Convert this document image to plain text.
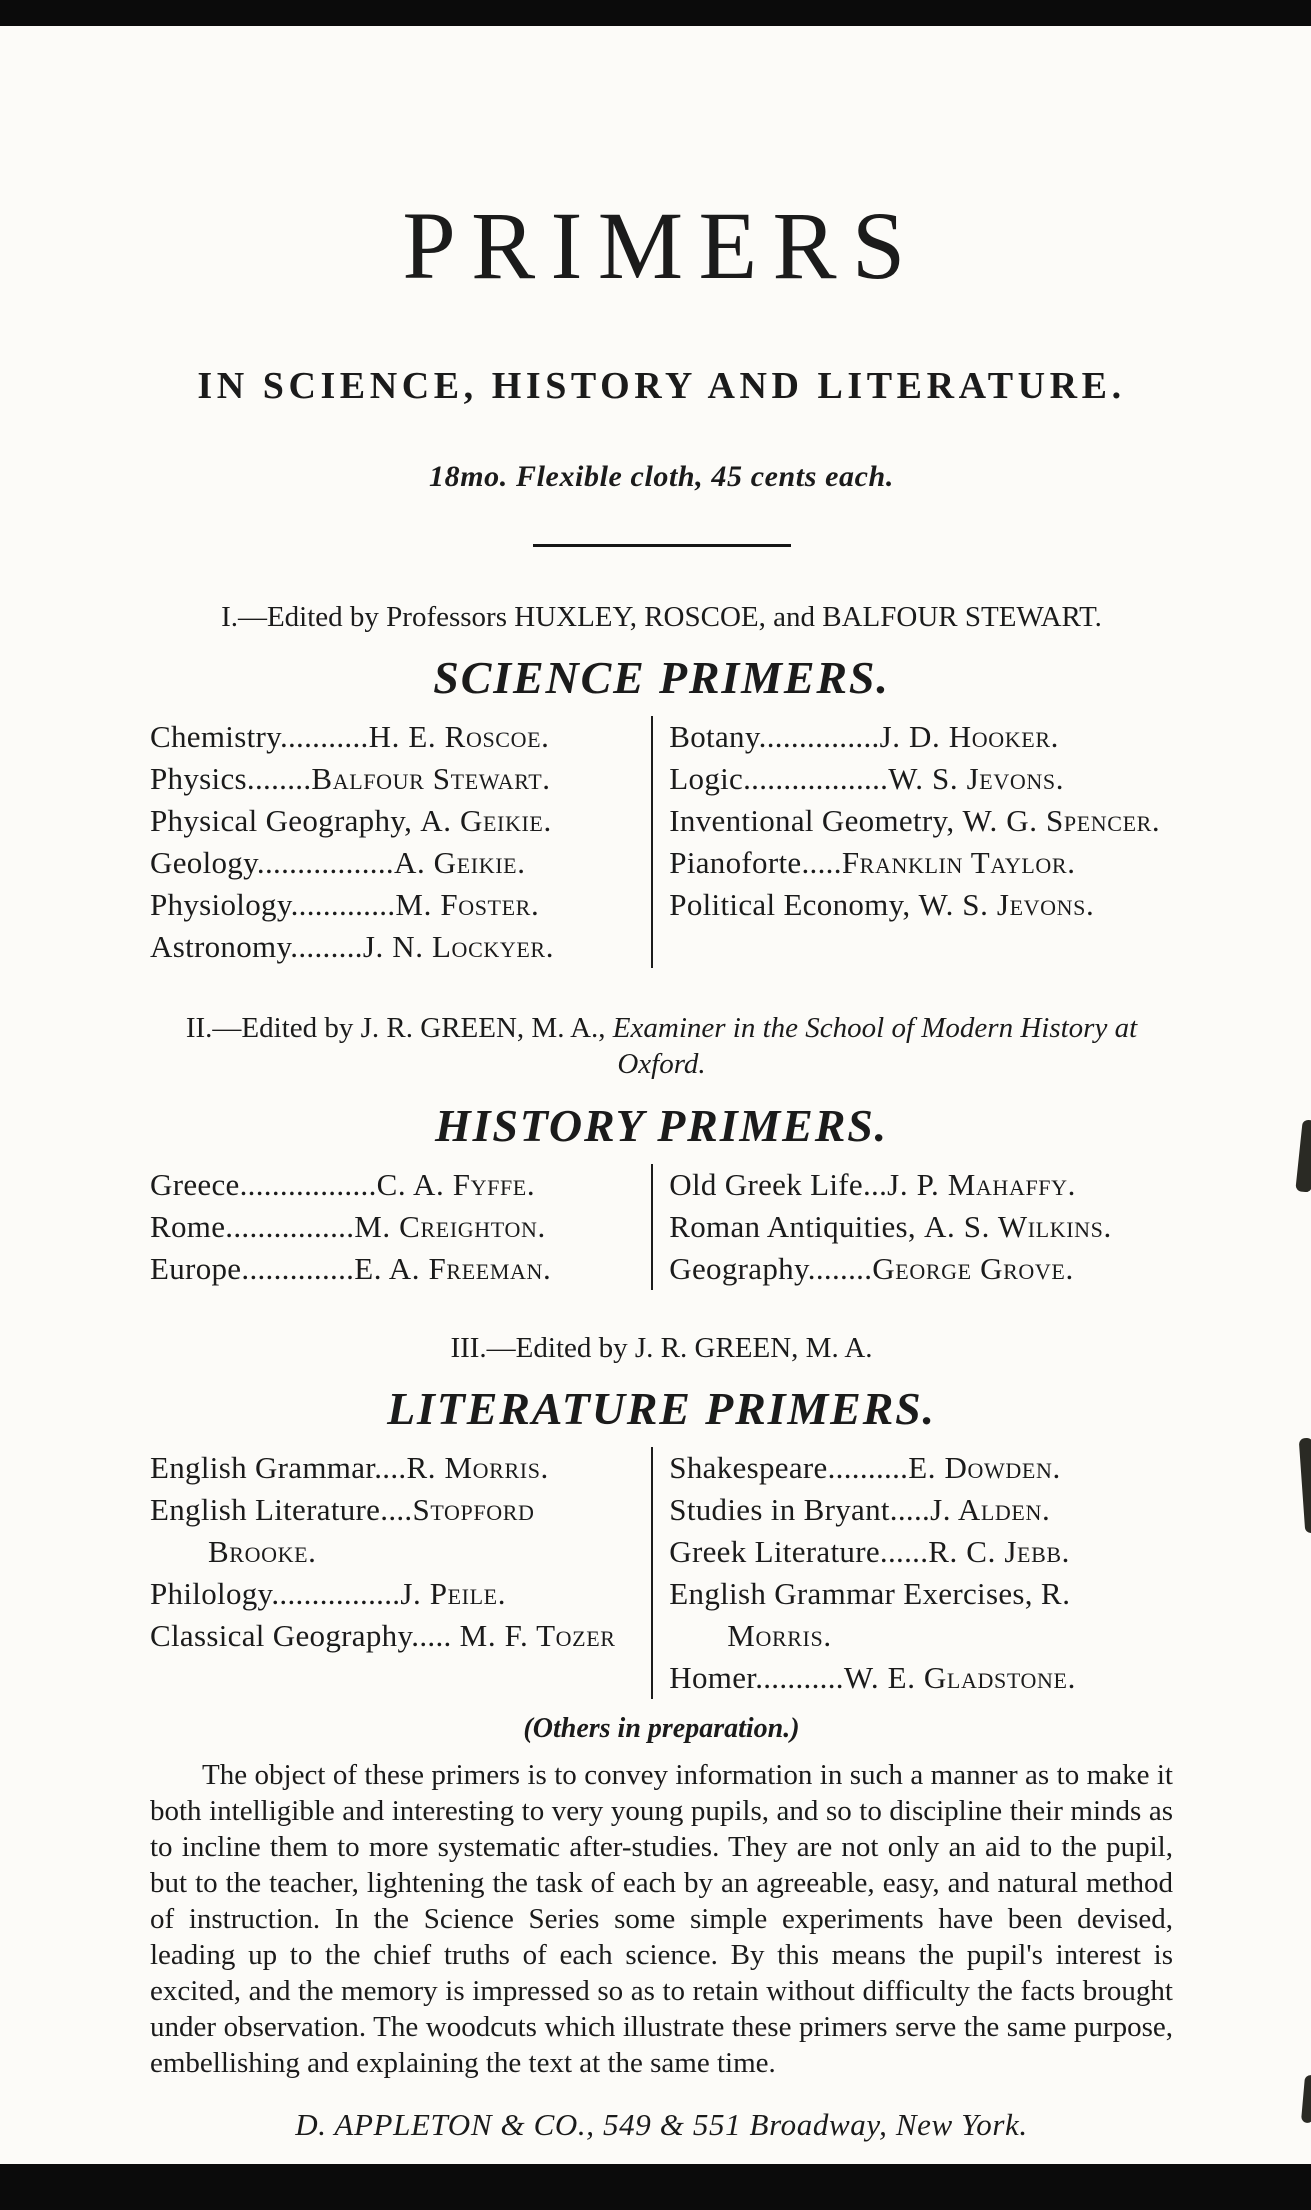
PRIMERS
IN SCIENCE, HISTORY AND LITERATURE.

18mo. Flexible cloth, 45 cents each.

I.—Edited by Professors HUXLEY, ROSCOE, and BALFOUR STEWART.

SCIENCE PRIMERS.

Chemistry...........H. E. Roscoe.

Physics........Balfour Stewart.

Physical Geography, A. Geikie.

Geology.................A. Geikie.

Physiology.............M. Foster.

Astronomy.........J. N. Lockyer.

Botany...............J. D. Hooker.

Logic..................W. S. Jevons.

Inventional Geometry, W. G. Spencer.

Pianoforte.....Franklin Taylor.

Political Economy, W. S. Jevons.

II.—Edited by J. R. GREEN, M. A., Examiner in the School of Modern History at Oxford.

HISTORY PRIMERS.

Greece.................C. A. Fyffe.

Rome................M. Creighton.

Europe..............E. A. Freeman.

Old Greek Life...J. P. Mahaffy.

Roman Antiquities, A. S. Wilkins.

Geography........George Grove.

III.—Edited by J. R. GREEN, M. A.

LITERATURE PRIMERS.

English Grammar....R. Morris.

English Literature....Stopford Brooke.

Philology................J. Peile.

Classical Geography..... M. F. Tozer

Shakespeare..........E. Dowden.

Studies in Bryant.....J. Alden.

Greek Literature......R. C. Jebb.

English Grammar Exercises, R. Morris.

Homer...........W. E. Gladstone.

(Others in preparation.)

The object of these primers is to convey information in such a manner as to make it both intelligible and interesting to very young pupils, and so to discipline their minds as to incline them to more systematic after-studies. They are not only an aid to the pupil, but to the teacher, lightening the task of each by an agreeable, easy, and natural method of instruction. In the Science Series some simple experiments have been devised, leading up to the chief truths of each science. By this means the pupil's interest is excited, and the memory is impressed so as to retain without difficulty the facts brought under observation. The woodcuts which illustrate these primers serve the same purpose, embellishing and explaining the text at the same time.

D. APPLETON & CO., 549 & 551 Broadway, New York.
